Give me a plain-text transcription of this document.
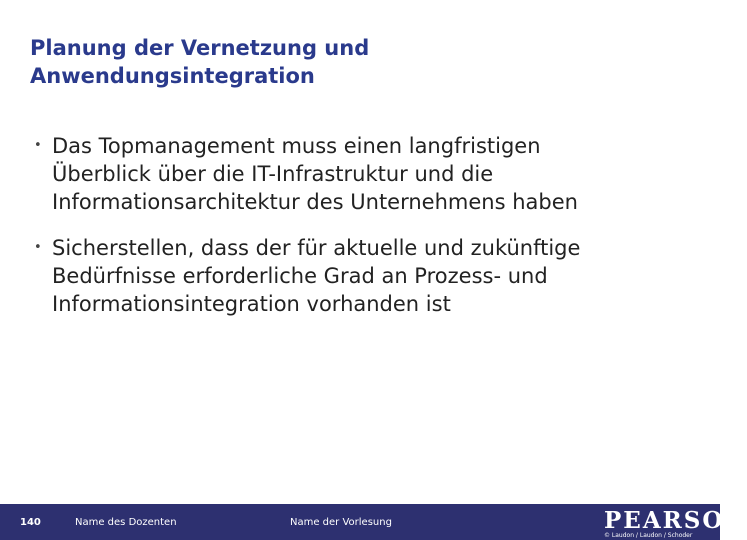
Planung der Vernetzung und
Anwendungsintegration
• Das Topmanagement muss einen langfristigen
Überblick über die IT-Infrastruktur und die
Informationsarchitektur des Unternehmens haben
• Sicherstellen, dass der für aktuelle und zukünftige
Bedürfnisse erforderliche Grad an Prozess- und
Informationsintegration vorhanden ist
140	Name des Dozenten	Name der Vorlesung	PEARSON
© Laudon / Laudon / Schoder
